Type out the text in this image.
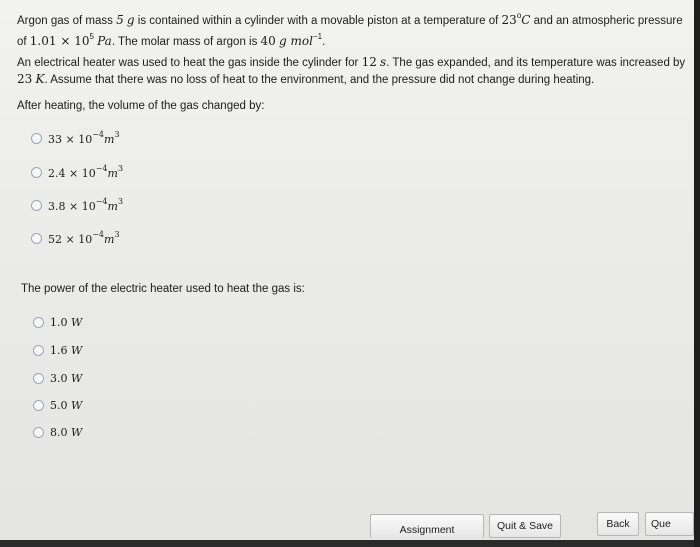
Argon gas of mass 5 g is contained within a cylinder with a movable piston at a temperature of 23$^o$C and an atmospheric pressure
of $1.01 \times 10^5$ Pa. The molar mass of argon is 40 g mol$^{-1}$.
An electrical heater was used to heat the gas inside the cylinder for 12 s. The gas expanded, and its temperature was increased by
23 K. Assume that there was no loss of heat to the environment, and the pressure did not change during heating.
After heating, the volume of the gas changed by:
$33 \times 10^{-4}m^3$
$2.4 \times 10^{-4}m^3$
$3.8 \times 10^{-4}m^3$
$52 \times 10^{-4}m^3$
The power of the electric heater used to heat the gas is:
1.0 W
1.6 W
3.0 W
5.0 W
8.0 W
Assignment	Quit & Save	Back Que
